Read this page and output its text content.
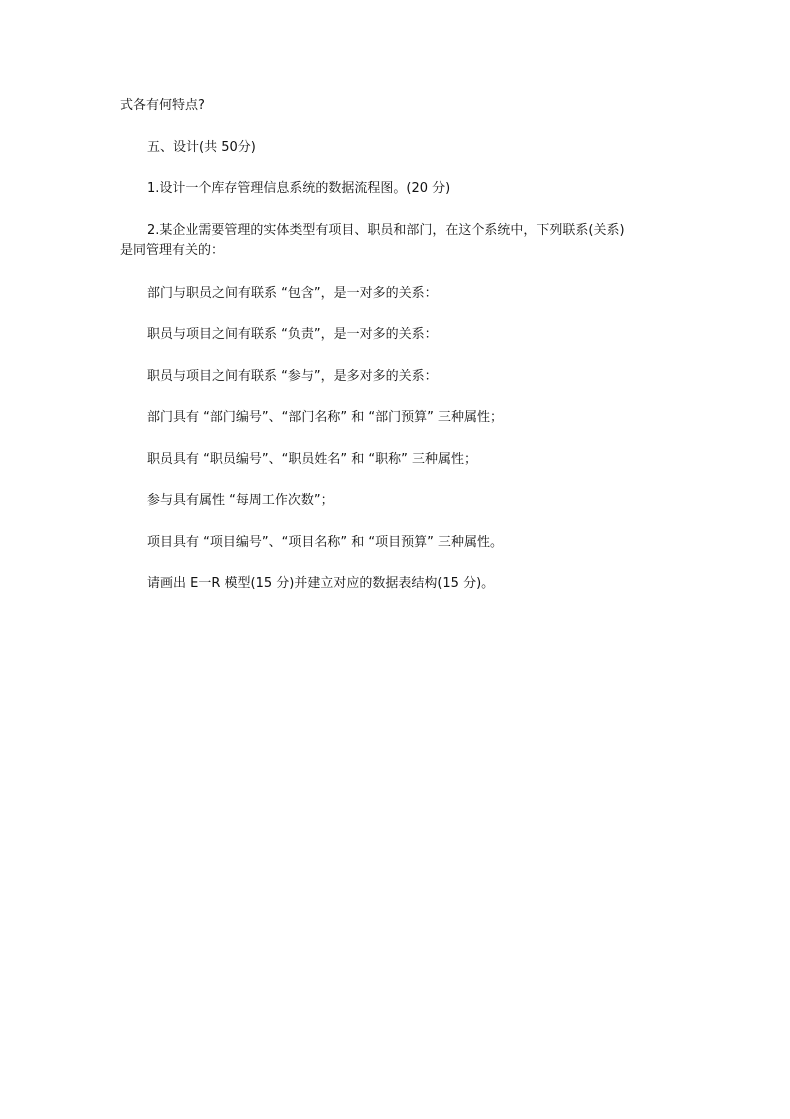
式各有何特点?
五、设计(共 50分)
1.设计一个库存管理信息系统的数据流程图。(20 分)
2.某企业需要管理的实体类型有项目、职员和部门，在这个系统中，下列联系(关系)
是同管理有关的：
部门与职员之间有联系 “包含”，是一对多的关系：
职员与项目之间有联系 “负责”，是一对多的关系：
职员与项目之间有联系 “参与”，是多对多的关系：
部门具有 “部门编号”、“部门名称” 和 “部门预算” 三种属性；
职员具有 “职员编号”、“职员姓名” 和 “职称” 三种属性；
参与具有属性 “每周工作次数”；
项目具有 “项目编号”、“项目名称” 和 “项目预算” 三种属性。
请画出 E一R 模型(15 分)并建立对应的数据表结构(15 分)。
